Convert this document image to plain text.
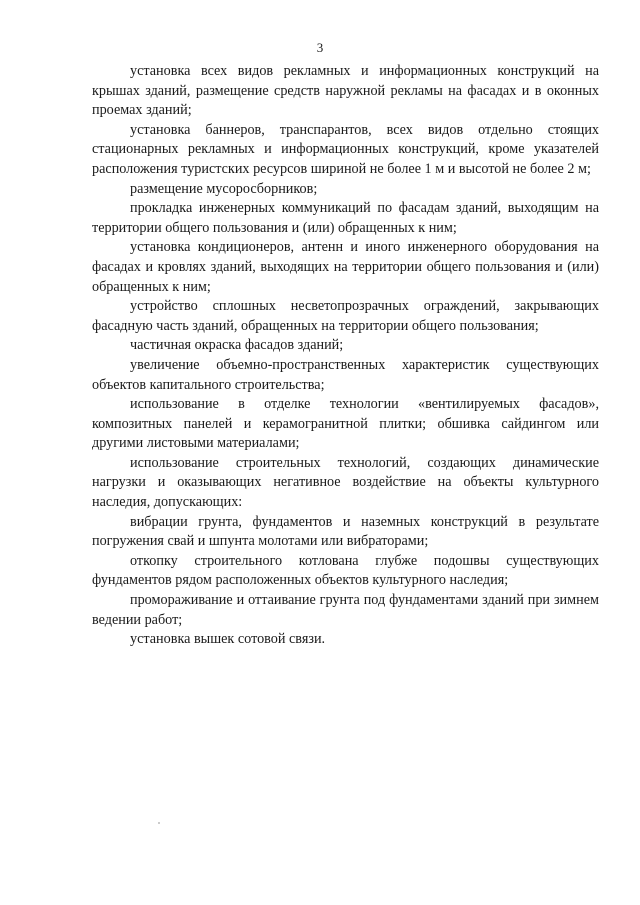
3

установка всех видов рекламных и информационных конструкций на крышах зданий, размещение средств наружной рекламы на фасадах и в оконных проемах зданий;

установка баннеров, транспарантов, всех видов отдельно стоящих стационарных рекламных и информационных конструкций, кроме указателей расположения туристских ресурсов шириной не более 1 м и высотой не более 2 м;

размещение мусоросборников;

прокладка инженерных коммуникаций по фасадам зданий, выходящим на территории общего пользования и (или) обращенных к ним;

установка кондиционеров, антенн и иного инженерного оборудования на фасадах и кровлях зданий, выходящих на территории общего пользования и (или) обращенных к ним;

устройство сплошных несветопрозрачных ограждений, закрывающих фасадную часть зданий, обращенных на территории общего пользования;

частичная окраска фасадов зданий;

увеличение объемно-пространственных характеристик существующих объектов капитального строительства;

использование в отделке технологии «вентилируемых фасадов», композитных панелей и керамогранитной плитки; обшивка сайдингом или другими листовыми материалами;

использование строительных технологий, создающих динамические нагрузки и оказывающих негативное воздействие на объекты культурного наследия, допускающих:

вибрации грунта, фундаментов и наземных конструкций в результате погружения свай и шпунта молотами или вибраторами;

откопку строительного котлована глубже подошвы существующих фундаментов рядом расположенных объектов культурного наследия;

промораживание и оттаивание грунта под фундаментами зданий при зимнем ведении работ;

установка вышек сотовой связи.
